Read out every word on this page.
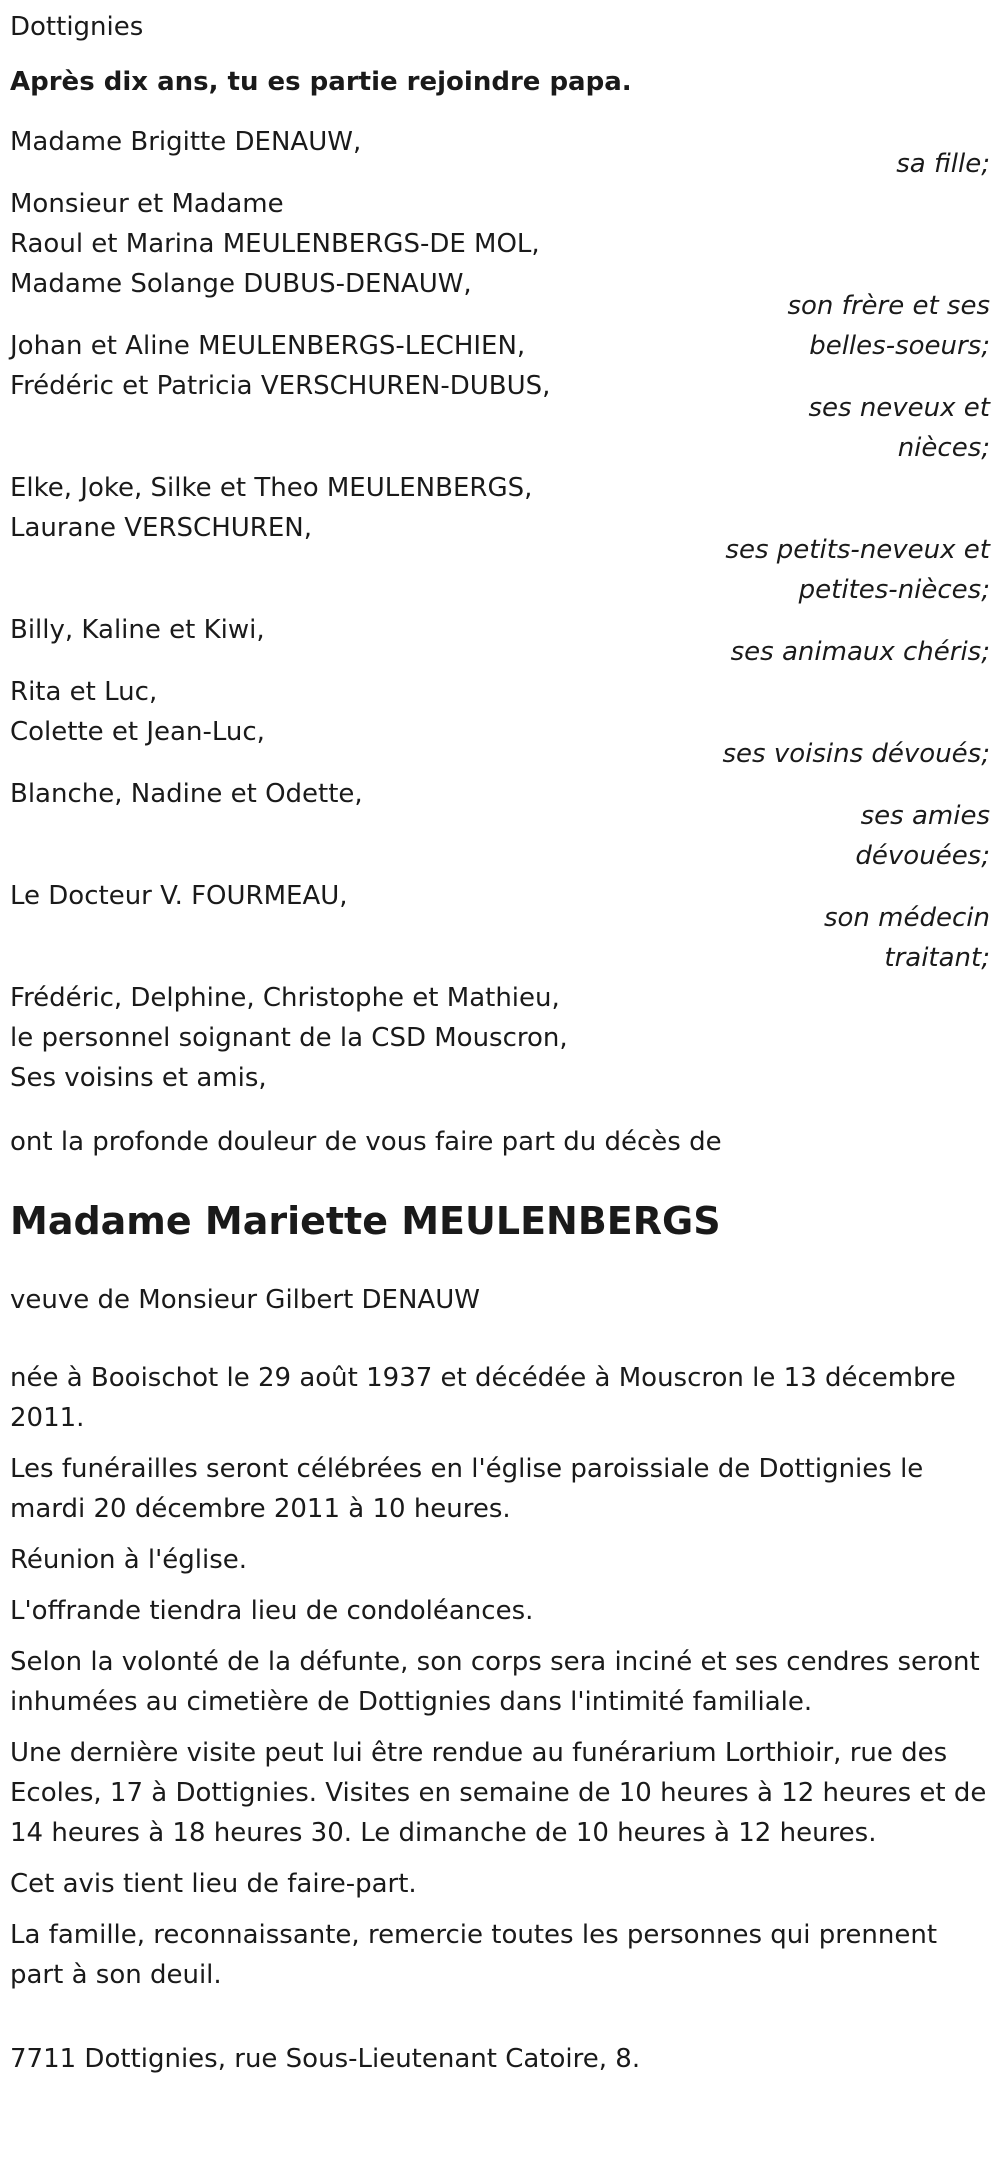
Dottignies
Après dix ans, tu es partie rejoindre papa.
Madame Brigitte DENAUW,
sa fille;
Monsieur et Madame
Raoul et Marina MEULENBERGS-DE MOL,
Madame Solange DUBUS-DENAUW,
son frère et ses
belles-soeurs;
Johan et Aline MEULENBERGS-LECHIEN,
Frédéric et Patricia VERSCHUREN-DUBUS,
ses neveux et
nièces;
Elke, Joke, Silke et Theo MEULENBERGS,
Laurane VERSCHUREN,
ses petits-neveux et
petites-nièces;
Billy, Kaline et Kiwi,
ses animaux chéris;
Rita et Luc,
Colette et Jean-Luc,
ses voisins dévoués;
Blanche, Nadine et Odette,
ses amies
dévouées;
Le Docteur V. FOURMEAU,
son médecin
traitant;
Frédéric, Delphine, Christophe et Mathieu,
le personnel soignant de la CSD Mouscron,
Ses voisins et amis,
ont la profonde douleur de vous faire part du décès de
Madame Mariette MEULENBERGS
veuve de Monsieur Gilbert DENAUW
née à Booischot le 29 août 1937 et décédée à Mouscron le 13 décembre 2011.
Les funérailles seront célébrées en l'église paroissiale de Dottignies le mardi 20 décembre 2011 à 10 heures.
Réunion à l'église.
L'offrande tiendra lieu de condoléances.
Selon la volonté de la défunte, son corps sera inciné et ses cendres seront inhumées au cimetière de Dottignies dans l'intimité familiale.
Une dernière visite peut lui être rendue au funérarium Lorthioir, rue des Ecoles, 17 à Dottignies. Visites en semaine de 10 heures à 12 heures et de 14 heures à 18 heures 30. Le dimanche de 10 heures à 12 heures.
Cet avis tient lieu de faire-part.
La famille, reconnaissante, remercie toutes les personnes qui prennent part à son deuil.
7711 Dottignies, rue Sous-Lieutenant Catoire, 8.
